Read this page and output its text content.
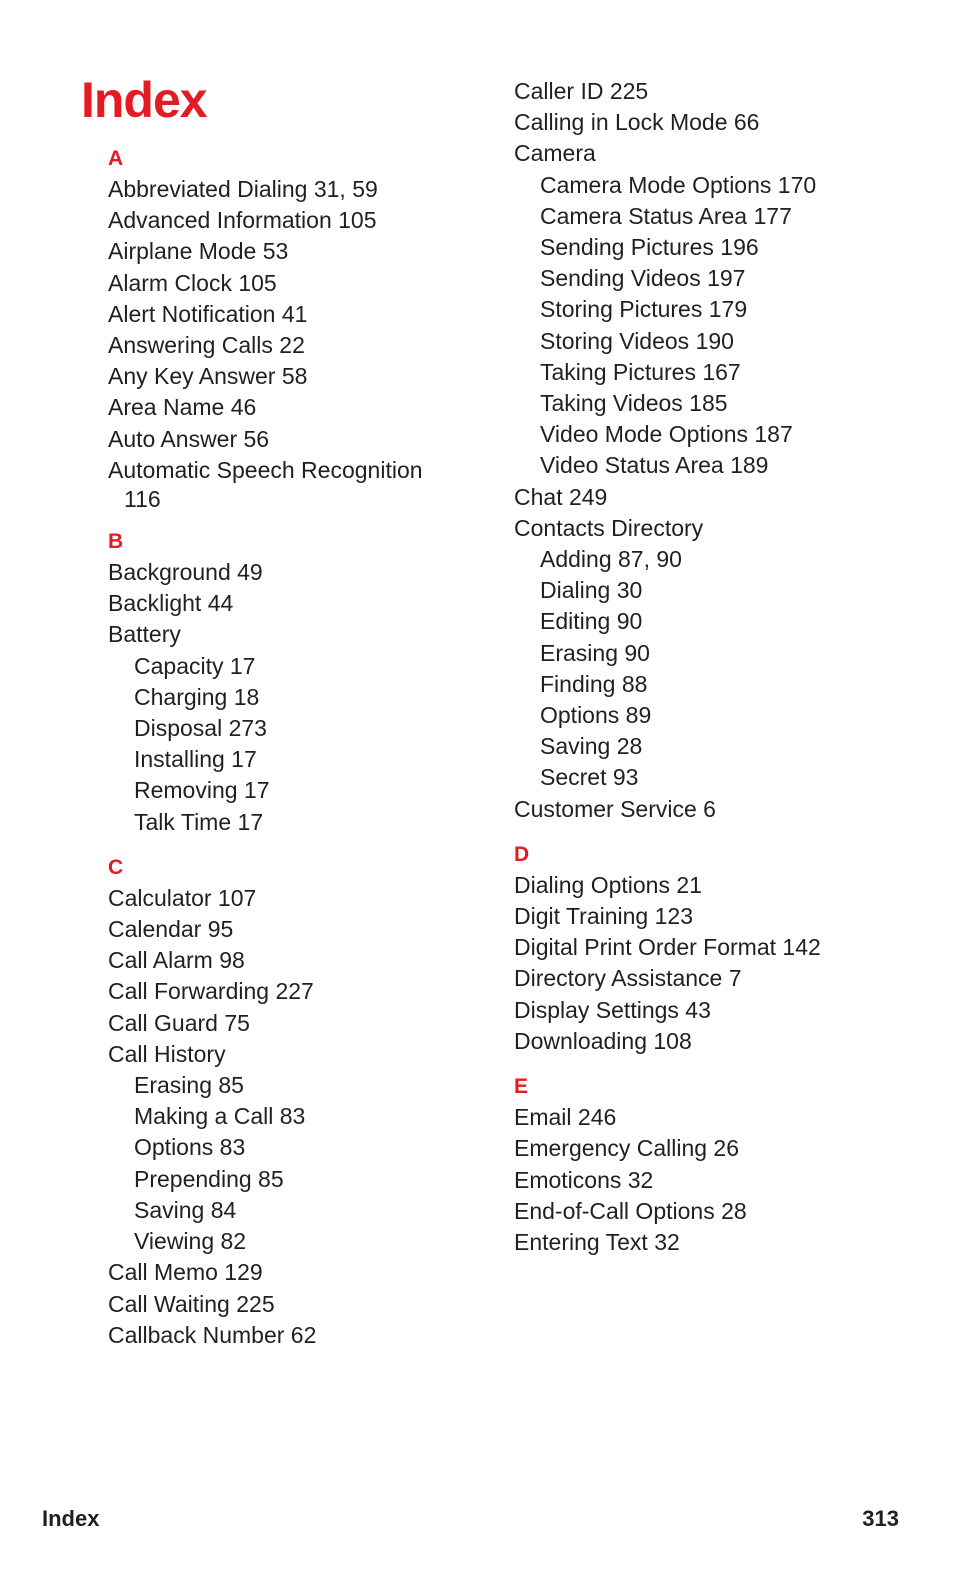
Index
A
Abbreviated Dialing 31, 59
Advanced Information 105
Airplane Mode 53
Alarm Clock 105
Alert Notification 41
Answering Calls 22
Any Key Answer 58
Area Name 46
Auto Answer 56
Automatic Speech Recognition
116
B
Background 49
Backlight 44
Battery
Capacity 17
Charging 18
Disposal 273
Installing 17
Removing 17
Talk Time 17
C
Calculator 107
Calendar 95
Call Alarm 98
Call Forwarding 227
Call Guard 75
Call History
Erasing 85
Making a Call 83
Options 83
Prepending 85
Saving 84
Viewing 82
Call Memo 129
Call Waiting 225
Callback Number 62
Caller ID 225
Calling in Lock Mode 66
Camera
Camera Mode Options 170
Camera Status Area 177
Sending Pictures 196
Sending Videos 197
Storing Pictures 179
Storing Videos 190
Taking Pictures 167
Taking Videos 185
Video Mode Options 187
Video Status Area 189
Chat 249
Contacts Directory
Adding 87, 90
Dialing 30
Editing 90
Erasing 90
Finding 88
Options 89
Saving 28
Secret 93
Customer Service 6
D
Dialing Options 21
Digit Training 123
Digital Print Order Format 142
Directory Assistance 7
Display Settings 43
Downloading 108
E
Email 246
Emergency Calling 26
Emoticons 32
End-of-Call Options 28
Entering Text 32
Index	313
